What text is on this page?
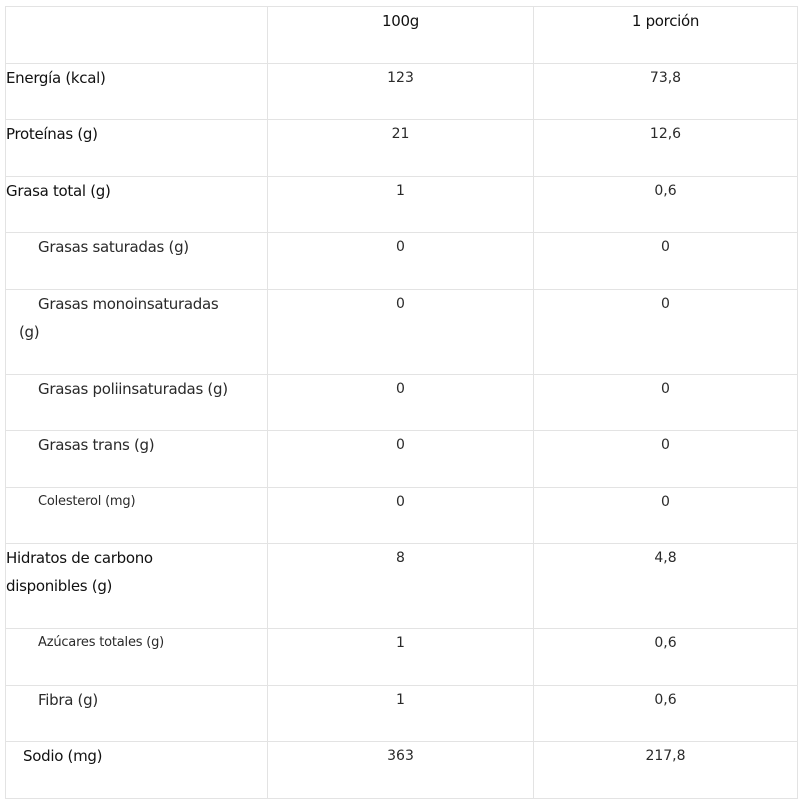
	100g	1 porción
Energía (kcal)	123	73,8
Proteínas (g)	21	12,6
Grasa total (g)	1	0,6
Grasas saturadas (g)	0	0

Grasas monoinsaturadas
(g)	0	0
Grasas poliinsaturadas (g)	0	0
Grasas trans (g)	0	0
Colesterol (mg)	0	0

Hidratos de carbono
disponibles (g)	8	4,8
Azúcares totales (g)	1	0,6
Fibra (g)	1	0,6
Sodio (mg)	363	217,8
